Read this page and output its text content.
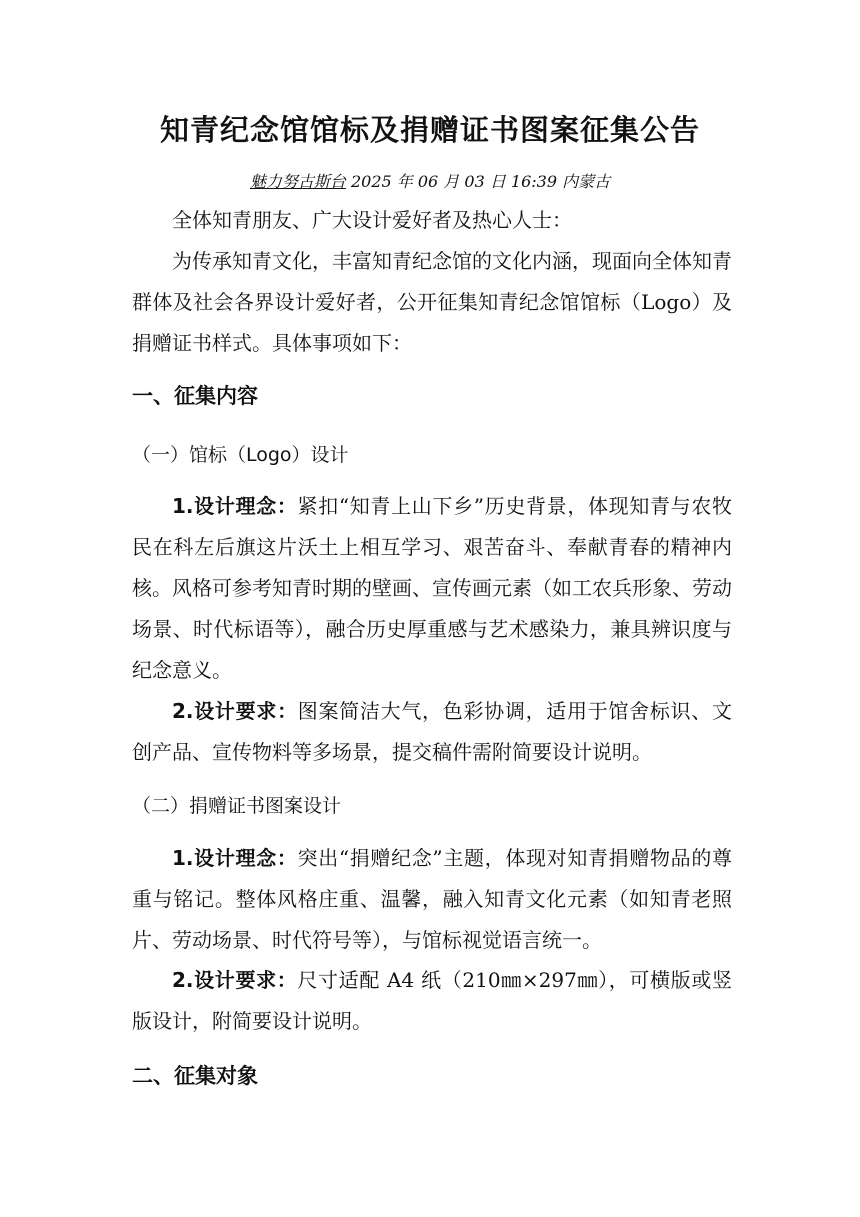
知青纪念馆馆标及捐赠证书图案征集公告
魅力努古斯台 2025 年 06 月 03 日 16:39 内蒙古
全体知青朋友、广大设计爱好者及热心人士：
为传承知青文化，丰富知青纪念馆的文化内涵，现面向全体知青群体及社会各界设计爱好者，公开征集知青纪念馆馆标（Logo）及捐赠证书样式。具体事项如下：
一、征集内容
（一）馆标（Logo）设计
1.设计理念：紧扣“知青上山下乡”历史背景，体现知青与农牧民在科左后旗这片沃土上相互学习、艰苦奋斗、奉献青春的精神内核。风格可参考知青时期的壁画、宣传画元素（如工农兵形象、劳动场景、时代标语等），融合历史厚重感与艺术感染力，兼具辨识度与纪念意义。
2.设计要求：图案简洁大气，色彩协调，适用于馆舍标识、文创产品、宣传物料等多场景，提交稿件需附简要设计说明。
（二）捐赠证书图案设计
1.设计理念：突出“捐赠纪念”主题，体现对知青捐赠物品的尊重与铭记。整体风格庄重、温馨，融入知青文化元素（如知青老照片、劳动场景、时代符号等），与馆标视觉语言统一。
2.设计要求：尺寸适配 A4 纸（210㎜×297㎜），可横版或竖版设计，附简要设计说明。
二、征集对象
